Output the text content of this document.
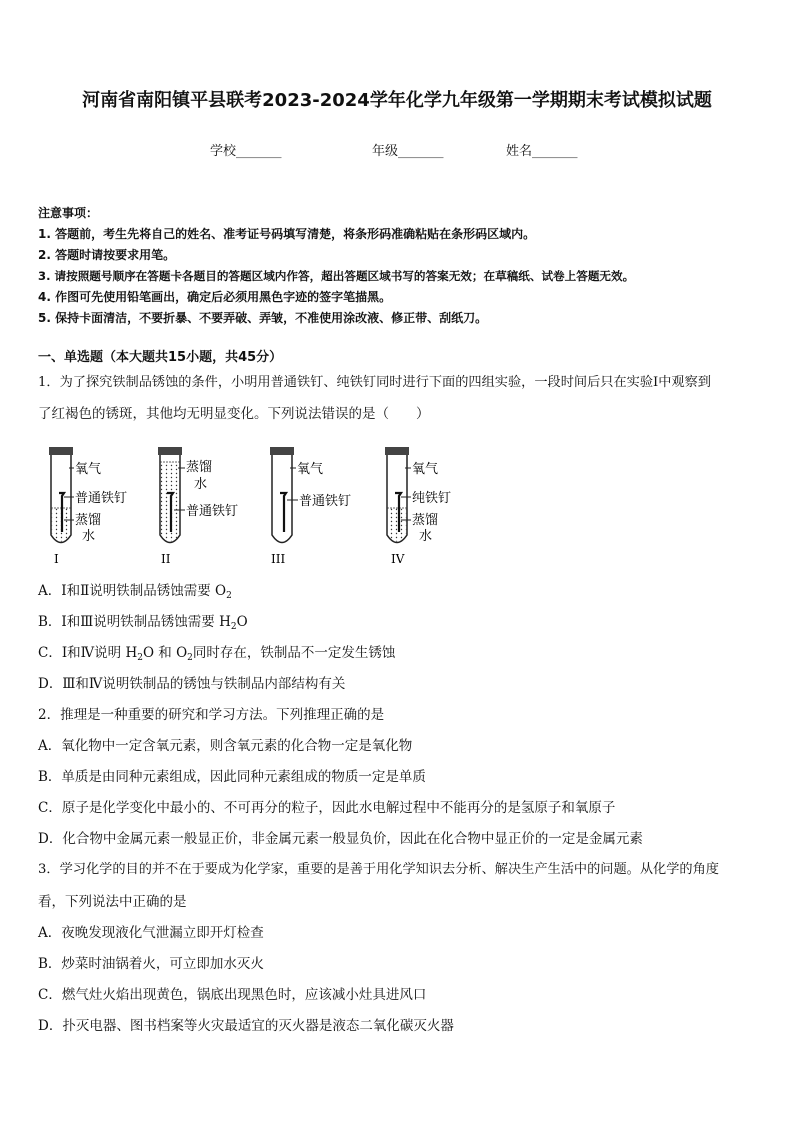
河南省南阳镇平县联考2023-2024学年化学九年级第一学期期末考试模拟试题
学校_______	年级_______	姓名_______
注意事项：
1. 答题前，考生先将自己的姓名、准考证号码填写清楚，将条形码准确粘贴在条形码区域内。
2. 答题时请按要求用笔。
3. 请按照题号顺序在答题卡各题目的答题区域内作答，超出答题区域书写的答案无效；在草稿纸、试卷上答题无效。
4. 作图可先使用铅笔画出，确定后必须用黑色字迹的签字笔描黑。
5. 保持卡面清洁，不要折暴、不要弄破、弄皱，不准使用涂改液、修正带、刮纸刀。
一、单选题（本大题共15小题，共45分）
1．为了探究铁制品锈蚀的条件，小明用普通铁钉、纯铁钉同时进行下面的四组实验，一段时间后只在实验Ⅰ中观察到
了红褐色的锈斑，其他均无明显变化。下列说法错误的是（　　）
氧气
普通铁钉
蒸馏
水
I
蒸馏
水
普通铁钉
II
氧气
普通铁钉
III
氧气
纯铁钉
蒸馏
水
IV
A．Ⅰ和Ⅱ说明铁制品锈蚀需要 $O_2$
B．Ⅰ和Ⅲ说明铁制品锈蚀需要 $H_2O$
C．Ⅰ和Ⅳ说明 $H_2O$ 和 $O_2$同时存在，铁制品不一定发生锈蚀
D．Ⅲ和Ⅳ说明铁制品的锈蚀与铁制品内部结构有关
2．推理是一种重要的研究和学习方法。下列推理正确的是
A．氧化物中一定含氧元素，则含氧元素的化合物一定是氧化物
B．单质是由同种元素组成，因此同种元素组成的物质一定是单质
C．原子是化学变化中最小的、不可再分的粒子，因此水电解过程中不能再分的是氢原子和氧原子
D．化合物中金属元素一般显正价，非金属元素一般显负价，因此在化合物中显正价的一定是金属元素
3．学习化学的目的并不在于要成为化学家，重要的是善于用化学知识去分析、解决生产生活中的问题。从化学的角度
看，下列说法中正确的是
A．夜晚发现液化气泄漏立即开灯检查
B．炒菜时油锅着火，可立即加水灭火
C．燃气灶火焰出现黄色，锅底出现黑色时，应该减小灶具进风口
D．扑灭电器、图书档案等火灾最适宜的灭火器是液态二氧化碳灭火器
